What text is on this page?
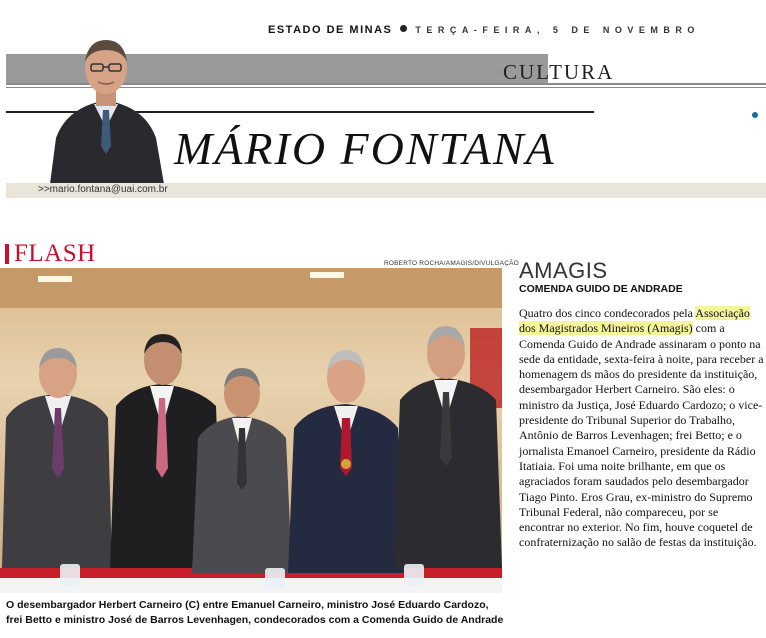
ESTADO DE MINAS	TERÇA-FEIRA, 5 DE NOVEMBRO
CULTURA
MÁRIO FONTANA
>>mario.fontana@uai.com.br
FLASH	ROBERTO ROCHA/AMAGIS/DIVULGAÇÃO
O desembargador Herbert Carneiro (C) entre Emanuel Carneiro, ministro José Eduardo Cardozo, frei Betto e ministro José de Barros Levenhagen, condecorados com a Comenda Guido de Andrade
AMAGIS
COMENDA GUIDO DE ANDRADE
Quatro dos cinco condecorados pela Associação dos Magistrados Mineiros (Amagis) com a Comenda Guido de Andrade assinaram o ponto na sede da entidade, sexta-feira à noite, para receber a homenagem ds mãos do presidente da instituição, desembargador Herbert Carneiro. São eles: o ministro da Justiça, José Eduardo Cardozo; o vice-presidente do Tribunal Superior do Trabalho, Antônio de Barros Levenhagen; frei Betto; e o jornalista Emanoel Carneiro, presidente da Rádio Itatiaia. Foi uma noite brilhante, em que os agraciados foram saudados pelo desembargador Tiago Pinto. Eros Grau, ex-ministro do Supremo Tribunal Federal, não compareceu, por se encontrar no exterior. No fim, houve coquetel de confraternização no salão de festas da instituição.
